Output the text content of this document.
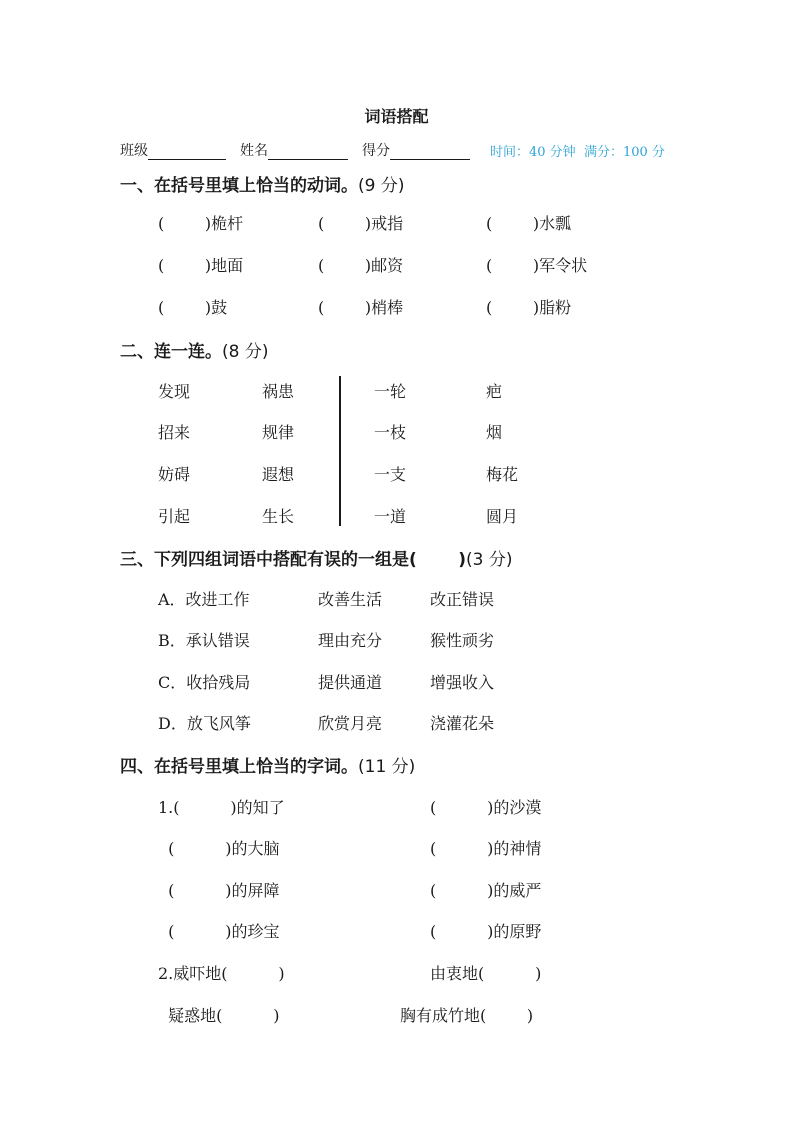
词语搭配
班级	姓名	得分	时间：40 分钟  满分：100 分
一、在括号里填上恰当的动词。(9 分)
(        )桅杆	(        )戒指	(        )水瓢
(        )地面	(        )邮资	(        )军令状
(        )鼓	(        )梢棒	(        )脂粉
二、连一连。(8 分)
发现	祸患	一轮	疤
招来	规律	一枝	烟
妨碍	遐想	一支	梅花
引起	生长	一道	圆月
三、下列四组词语中搭配有误的一组是(       )(3 分)
A．改进工作	改善生活	改正错误
B．承认错误	理由充分	猴性顽劣
C．收拾残局	提供通道	增强收入
D．放飞风筝	欣赏月亮	浇灌花朵
四、在括号里填上恰当的字词。(11 分)
1.(          )的知了	(          )的沙漠
(          )的大脑	(          )的神情
(          )的屏障	(          )的威严
(          )的珍宝	(          )的原野
2.威吓地(          )	由衷地(          )
疑惑地(          )	胸有成竹地(        )
